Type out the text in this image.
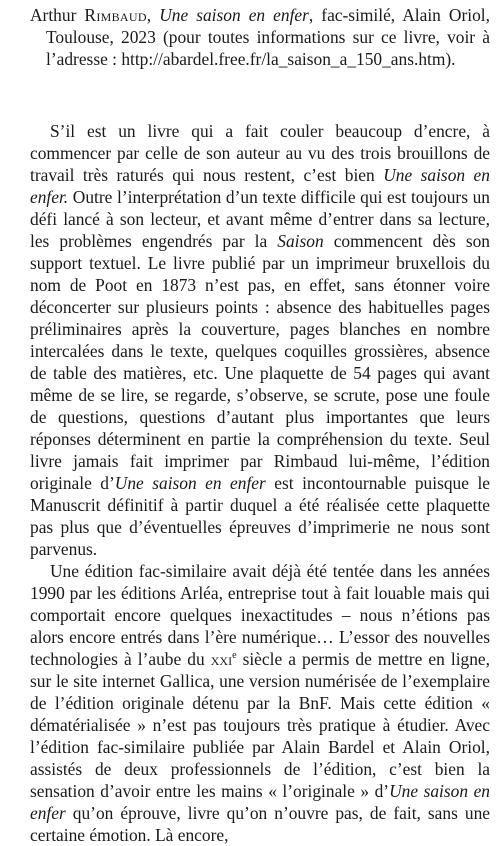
Arthur Rimbaud, Une saison en enfer, fac-similé, Alain Oriol, Toulouse, 2023 (pour toutes informations sur ce livre, voir à l’adresse : http://abardel.free.fr/la_saison_a_150_ans.htm).

S’il est un livre qui a fait couler beaucoup d’encre, à commencer par celle de son auteur au vu des trois brouillons de travail très raturés qui nous restent, c’est bien Une saison en enfer. Outre l’interprétation d’un texte difficile qui est toujours un défi lancé à son lecteur, et avant même d’entrer dans sa lecture, les problèmes engendrés par la Saison commencent dès son support textuel. Le livre publié par un imprimeur bruxellois du nom de Poot en 1873 n’est pas, en effet, sans étonner voire déconcerter sur plusieurs points : absence des habituelles pages préliminaires après la couverture, pages blanches en nombre intercalées dans le texte, quelques coquilles grossières, absence de table des matières, etc. Une plaquette de 54 pages qui avant même de se lire, se regarde, s’observe, se scrute, pose une foule de questions, questions d’autant plus importantes que leurs réponses déterminent en partie la compréhension du texte. Seul livre jamais fait imprimer par Rimbaud lui-même, l’édition originale d’Une saison en enfer est incontournable puisque le Manuscrit définitif à partir duquel a été réalisée cette plaquette pas plus que d’éventuelles épreuves d’imprimerie ne nous sont parvenus.

Une édition fac-similaire avait déjà été tentée dans les années 1990 par les éditions Arléa, entreprise tout à fait louable mais qui comportait encore quelques inexactitudes – nous n’étions pas alors encore entrés dans l’ère numérique… L’essor des nouvelles technologies à l’aube du xxi$^e$ siècle a permis de mettre en ligne, sur le site internet Gallica, une version numérisée de l’exemplaire de l’édition originale détenu par la BnF. Mais cette édition « dématérialisée » n’est pas toujours très pratique à étudier. Avec l’édition fac-similaire publiée par Alain Bardel et Alain Oriol, assistés de deux professionnels de l’édition, c’est bien la sensation d’avoir entre les mains « l’originale » d’Une saison en enfer qu’on éprouve, livre qu’on n’ouvre pas, de fait, sans une certaine émotion. Là encore,
